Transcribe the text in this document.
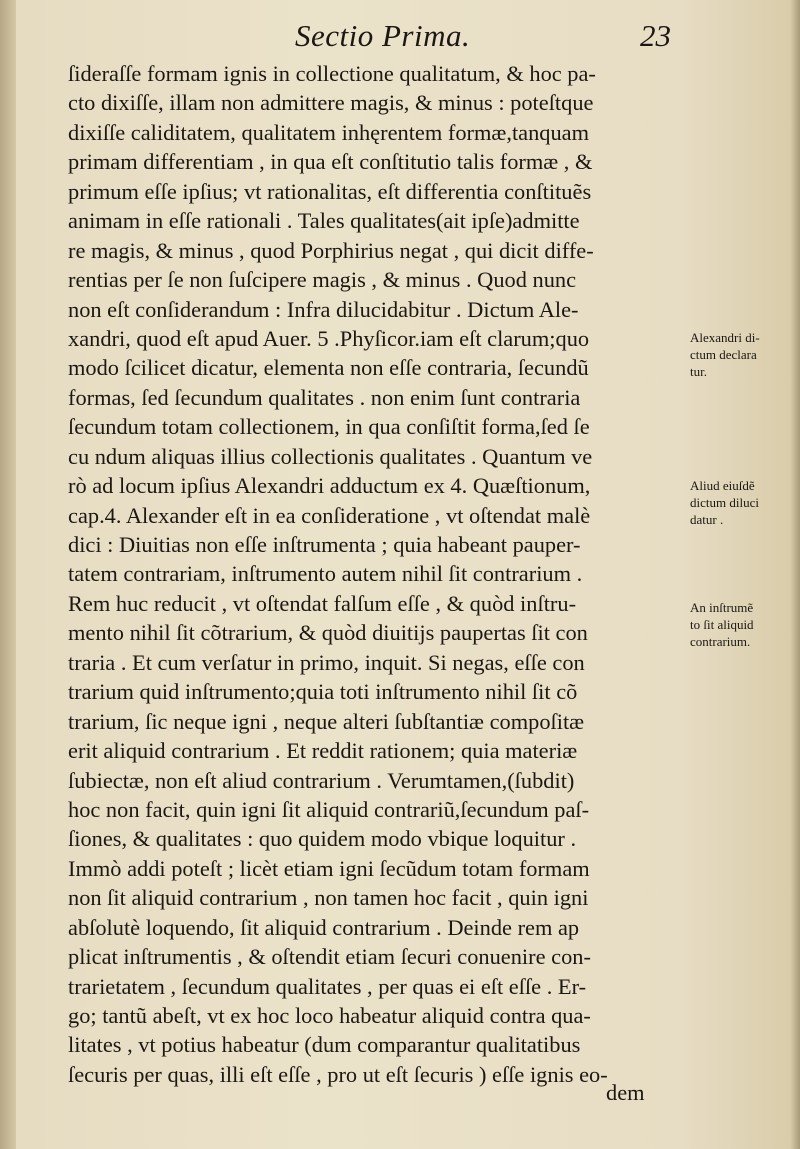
Sectio Prima.	23
ſideraſſe formam ignis in collectione qualitatum, & hoc pa-
cto dixiſſe, illam non admittere magis, & minus : poteſtque
dixiſſe caliditatem, qualitatem inhęrentem formæ,tanquam
primam differentiam , in qua eſt conſtitutio talis formæ , &
primum eſſe ipſius; vt rationalitas, eſt differentia conſtituẽs
animam in eſſe rationali . Tales qualitates(ait ipſe)admitte
re magis, & minus , quod Porphirius negat , qui dicit diffe-
rentias per ſe non ſuſcipere magis , & minus . Quod nunc
non eſt conſiderandum : Infra dilucidabitur . Dictum Ale-
xandri, quod eſt apud Auer. 5 .Phyſicor.iam eſt clarum;quo
modo ſcilicet dicatur, elementa non eſſe contraria, ſecundũ
formas, ſed ſecundum qualitates . non enim ſunt contraria
ſecundum totam collectionem, in qua conſiſtit forma,ſed ſe
cu ndum aliquas illius collectionis qualitates . Quantum ve
rò ad locum ipſius Alexandri adductum ex 4. Quæſtionum,
cap.4. Alexander eſt in ea conſideratione , vt oſtendat malè
dici : Diuitias non eſſe inſtrumenta ; quia habeant pauper-
tatem contrariam, inſtrumento autem nihil ſit contrarium .
Rem huc reducit , vt oſtendat falſum eſſe , & quòd inſtru-
mento nihil ſit cõtrarium, & quòd diuitijs paupertas ſit con
traria . Et cum verſatur in primo, inquit. Si negas, eſſe con
trarium quid inſtrumento;quia toti inſtrumento nihil ſit cõ
trarium, ſic neque igni , neque alteri ſubſtantiæ compoſitæ
erit aliquid contrarium . Et reddit rationem; quia materiæ
ſubiectæ, non eſt aliud contrarium . Verumtamen,(ſubdit)
hoc non facit, quin igni ſit aliquid contrariũ,ſecundum paſ-
ſiones, & qualitates : quo quidem modo vbique loquitur .
Immò addi poteſt ; licèt etiam igni ſecũdum totam formam
non ſit aliquid contrarium , non tamen hoc facit , quin igni
abſolutè loquendo, ſit aliquid contrarium . Deinde rem ap
plicat inſtrumentis , & oſtendit etiam ſecuri conuenire con-
trarietatem , ſecundum qualitates , per quas ei eſt eſſe . Er-
go; tantũ abeſt, vt ex hoc loco habeatur aliquid contra qua-
litates , vt potius habeatur (dum comparantur qualitatibus
ſecuris per quas, illi eſt eſſe , pro ut eſt ſecuris ) eſſe ignis eo-
dem
Alexandri di-
ctum declara
tur.
Aliud eiuſdẽ
dictum diluci
datur .
An inſtrumẽ
to ſit aliquid
contrarium.
